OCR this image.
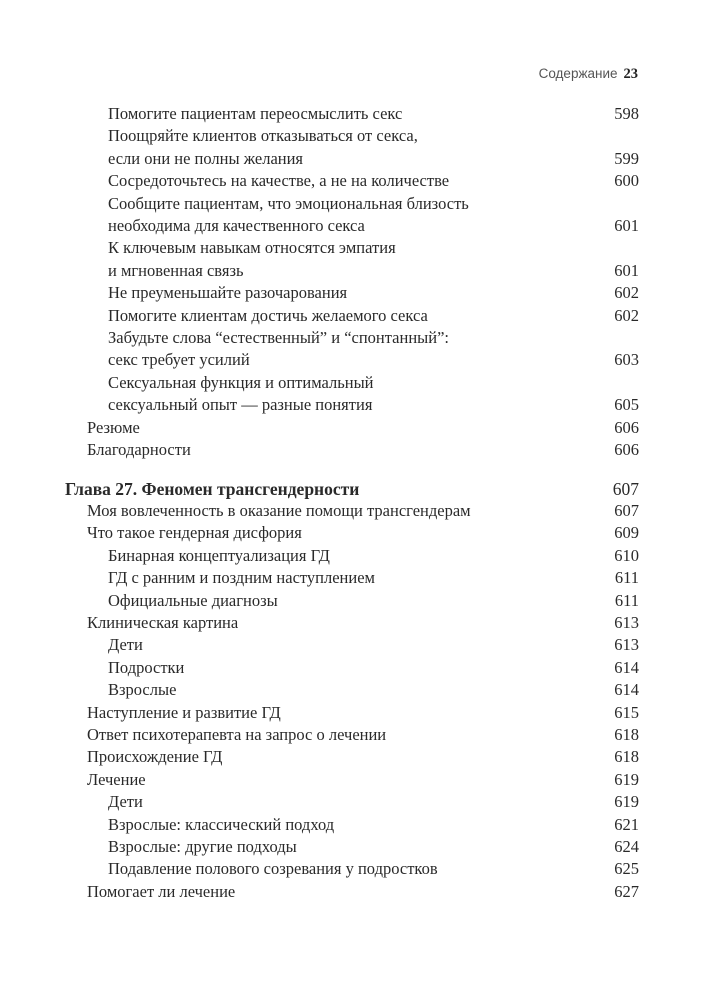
Содержание 23
Помогите пациентам переосмыслить секс	598
Поощряйте клиентов отказываться от секса,
если они не полны желания	599
Сосредоточьтесь на качестве, а не на количестве	600
Сообщите пациентам, что эмоциональная близость
необходима для качественного секса	601
К ключевым навыкам относятся эмпатия
и мгновенная связь	601
Не преуменьшайте разочарования	602
Помогите клиентам достичь желаемого секса	602
Забудьте слова “естественный” и “спонтанный”:
секс требует усилий	603
Сексуальная функция и оптимальный
сексуальный опыт — разные понятия	605
Резюме	606
Благодарности	606
Глава 27. Феномен трансгендерности	607
Моя вовлеченность в оказание помощи трансгендерам	607
Что такое гендерная дисфория	609
Бинарная концептуализация ГД	610
ГД с ранним и поздним наступлением	611
Официальные диагнозы	611
Клиническая картина	613
Дети	613
Подростки	614
Взрослые	614
Наступление и развитие ГД	615
Ответ психотерапевта на запрос о лечении	618
Происхождение ГД	618
Лечение	619
Дети	619
Взрослые: классический подход	621
Взрослые: другие подходы	624
Подавление полового созревания у подростков	625
Помогает ли лечение	627
